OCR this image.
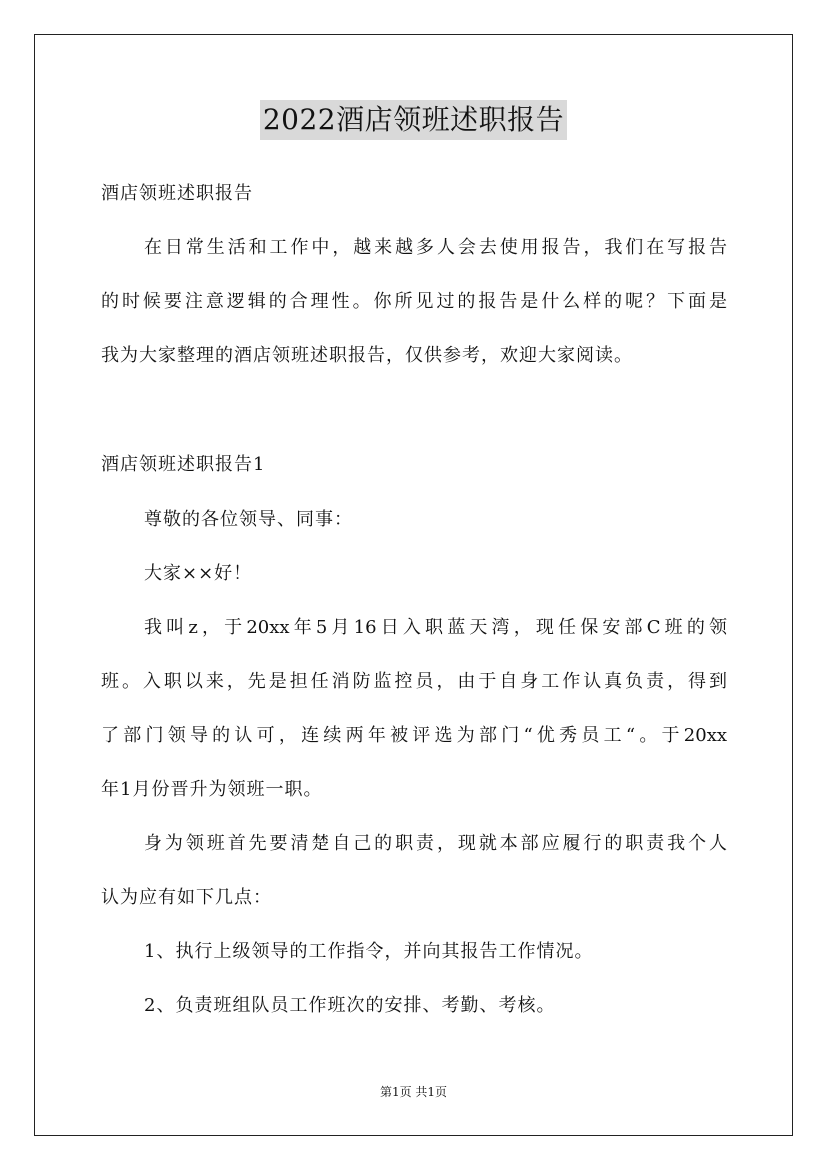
2022酒店领班述职报告
酒店领班述职报告
在日常生活和工作中，越来越多人会去使用报告，我们在写报告
的时候要注意逻辑的合理性。你所见过的报告是什么样的呢？下面是
我为大家整理的酒店领班述职报告，仅供参考，欢迎大家阅读。
酒店领班述职报告1
尊敬的各位领导、同事：
大家××好！
我叫z，于20xx年5月16日入职蓝天湾，现任保安部C班的领
班。入职以来，先是担任消防监控员，由于自身工作认真负责，得到
了部门领导的认可，连续两年被评选为部门“优秀员工“。于20xx
年1月份晋升为领班一职。
身为领班首先要清楚自己的职责，现就本部应履行的职责我个人
认为应有如下几点：
1、执行上级领导的工作指令，并向其报告工作情况。
2、负责班组队员工作班次的安排、考勤、考核。
第1页 共1页
